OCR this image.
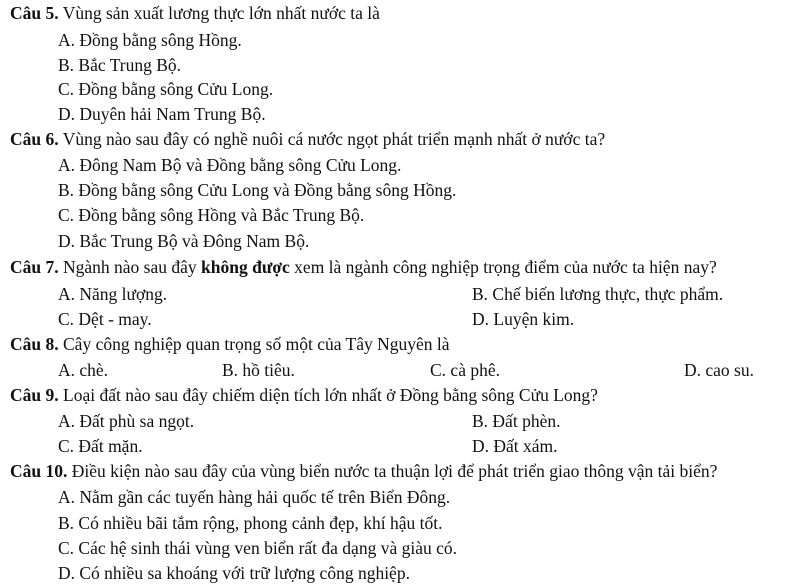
Câu 5. Vùng sản xuất lương thực lớn nhất nước ta là
A. Đồng bằng sông Hồng.
B. Bắc Trung Bộ.
C. Đồng bằng sông Cửu Long.
D. Duyên hải Nam Trung Bộ.
Câu 6. Vùng nào sau đây có nghề nuôi cá nước ngọt phát triển mạnh nhất ở nước ta?
A. Đông Nam Bộ và Đồng bằng sông Cửu Long.
B. Đồng bằng sông Cửu Long và Đồng bằng sông Hồng.
C. Đồng bằng sông Hồng và Bắc Trung Bộ.
D. Bắc Trung Bộ và Đông Nam Bộ.
Câu 7. Ngành nào sau đây không được xem là ngành công nghiệp trọng điểm của nước ta hiện nay?
A. Năng lượng.	B. Chế biến lương thực, thực phẩm.
C. Dệt - may.	D. Luyện kim.
Câu 8. Cây công nghiệp quan trọng số một của Tây Nguyên là
A. chè.	B. hồ tiêu.	C. cà phê.	D. cao su.
Câu 9. Loại đất nào sau đây chiếm diện tích lớn nhất ở Đồng bằng sông Cửu Long?
A. Đất phù sa ngọt.	B. Đất phèn.
C. Đất mặn.	D. Đất xám.
Câu 10. Điều kiện nào sau đây của vùng biển nước ta thuận lợi để phát triển giao thông vận tải biển?
A. Nằm gần các tuyến hàng hải quốc tế trên Biển Đông.
B. Có nhiều bãi tắm rộng, phong cảnh đẹp, khí hậu tốt.
C. Các hệ sinh thái vùng ven biển rất đa dạng và giàu có.
D. Có nhiều sa khoáng với trữ lượng công nghiệp.
